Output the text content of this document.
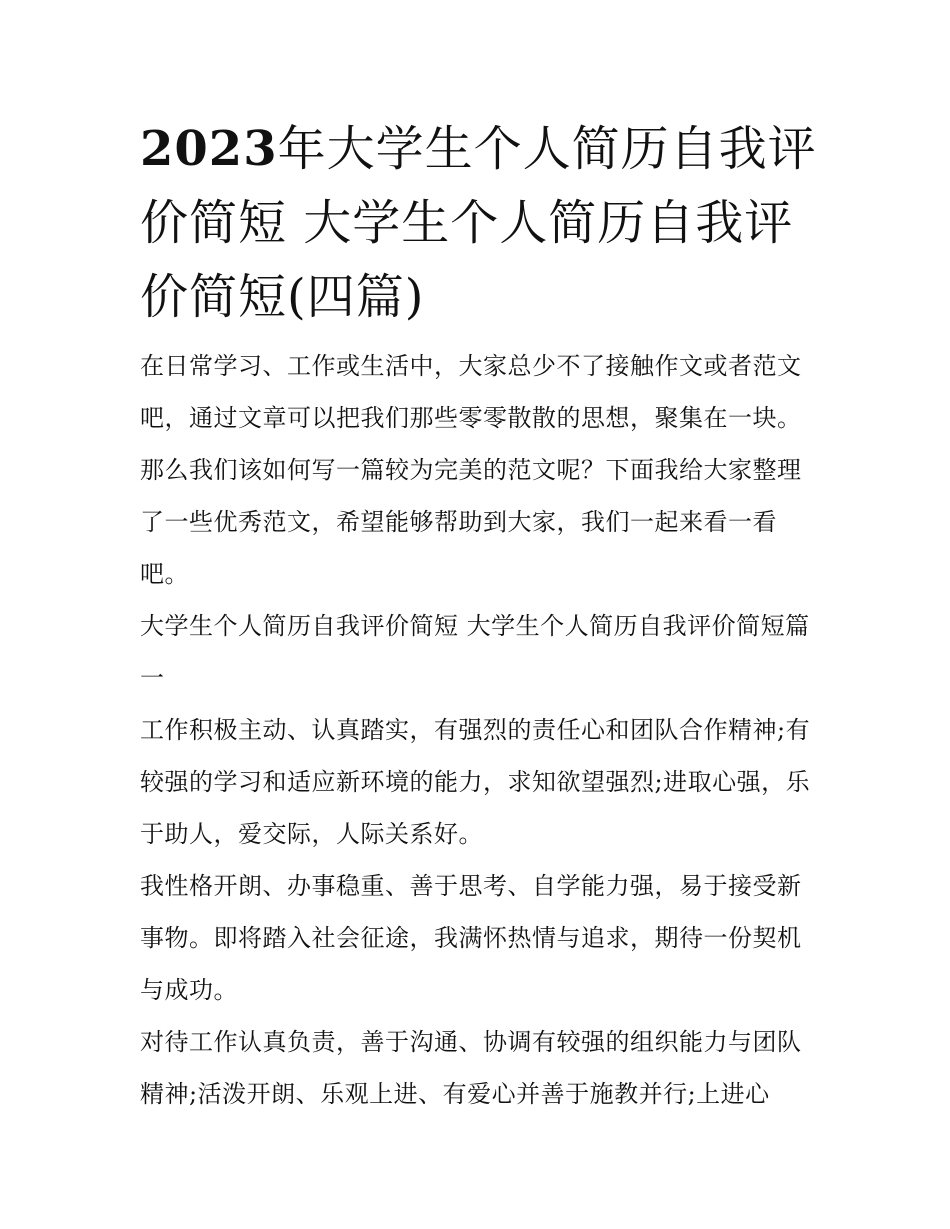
2023年大学生个人简历自我评价简短 大学生个人简历自我评价简短(四篇)

在日常学习、工作或生活中，大家总少不了接触作文或者范文吧，通过文章可以把我们那些零零散散的思想，聚集在一块。那么我们该如何写一篇较为完美的范文呢？下面我给大家整理了一些优秀范文，希望能够帮助到大家，我们一起来看一看吧。

大学生个人简历自我评价简短 大学生个人简历自我评价简短篇一

工作积极主动、认真踏实，有强烈的责任心和团队合作精神;有较强的学习和适应新环境的能力，求知欲望强烈;进取心强，乐于助人，爱交际，人际关系好。

我性格开朗、办事稳重、善于思考、自学能力强，易于接受新事物。即将踏入社会征途，我满怀热情与追求，期待一份契机与成功。

对待工作认真负责，善于沟通、协调有较强的组织能力与团队精神;活泼开朗、乐观上进、有爱心并善于施教并行;上进心
